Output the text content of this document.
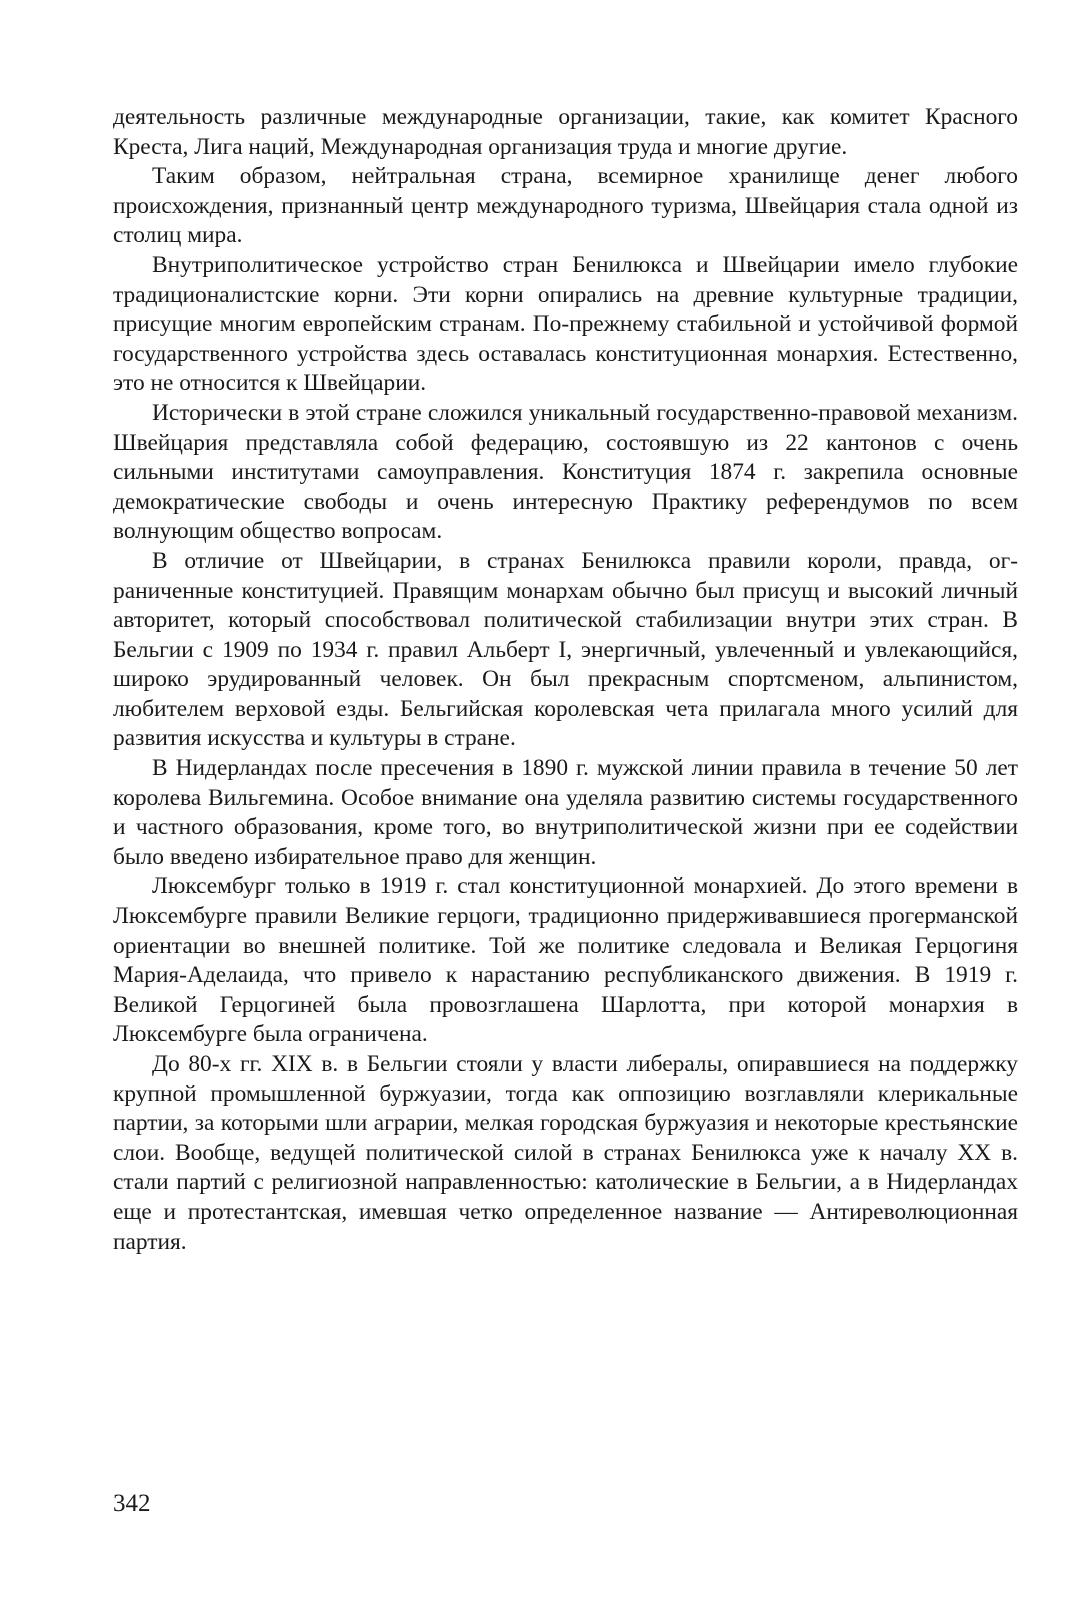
деятельность различные международные организации, такие, как комитет Красного Креста, Лига наций, Международная организация труда и многие другие.

Таким образом, нейтральная страна, всемирное хранилище денег любого происхождения, признанный центр международного туризма, Швейцария стала одной из столиц мира.

Внутриполитическое устройство стран Бенилюкса и Швейцарии имело глубокие традиционалистские корни. Эти корни опирались на древние культурные традиции, присущие многим европейским странам. По-прежнему стабильной и устойчивой формой государственного устройства здесь оставалась конституционная монархия. Естественно, это не относится к Швейцарии.

Исторически в этой стране сложился уникальный государственно-правовой механизм. Швейцария представляла собой федерацию, состоявшую из 22 кантонов с очень сильными институтами самоуправления. Конституция 1874 г. закрепила основные демократические свободы и очень интересную Практику референдумов по всем волнующим общество вопросам.

В отличие от Швейцарии, в странах Бенилюкса правили короли, правда, ограниченные конституцией. Правящим монархам обычно был присущ и высокий личный авторитет, который способствовал политической стабилизации внутри этих стран. В Бельгии с 1909 по 1934 г. правил Альберт I, энергичный, увлеченный и увлекающийся, широко эрудированный человек. Он был прекрасным спортсменом, альпинистом, любителем верховой езды. Бельгийская королевская чета прилагала много усилий для развития искусства и культуры в стране.

В Нидерландах после пресечения в 1890 г. мужской линии правила в течение 50 лет королева Вильгемина. Особое внимание она уделяла развитию системы государственного и частного образования, кроме того, во внутриполитической жизни при ее содействии было введено избирательное право для женщин.

Люксембург только в 1919 г. стал конституционной монархией. До этого времени в Люксембурге правили Великие герцоги, традиционно придерживавшиеся прогерманской ориентации во внешней политике. Той же политике следовала и Великая Герцогиня Мария-Аделаида, что привело к нарастанию республиканского движения. В 1919 г. Великой Герцогиней была провозглашена Шарлотта, при которой монархия в Люксембурге была ограничена.

До 80-х гг. XIX в. в Бельгии стояли у власти либералы, опиравшиеся на поддержку крупной промышленной буржуазии, тогда как оппозицию возглавляли клерикальные партии, за которыми шли аграрии, мелкая городская буржуазия и некоторые крестьянские слои. Вообще, ведущей политической силой в странах Бенилюкса уже к началу XX в. стали партий с религиозной направленностью: католические в Бельгии, а в Нидерландах еще и протестантская, имевшая четко определенное название — Антиреволюционная партия.

342
